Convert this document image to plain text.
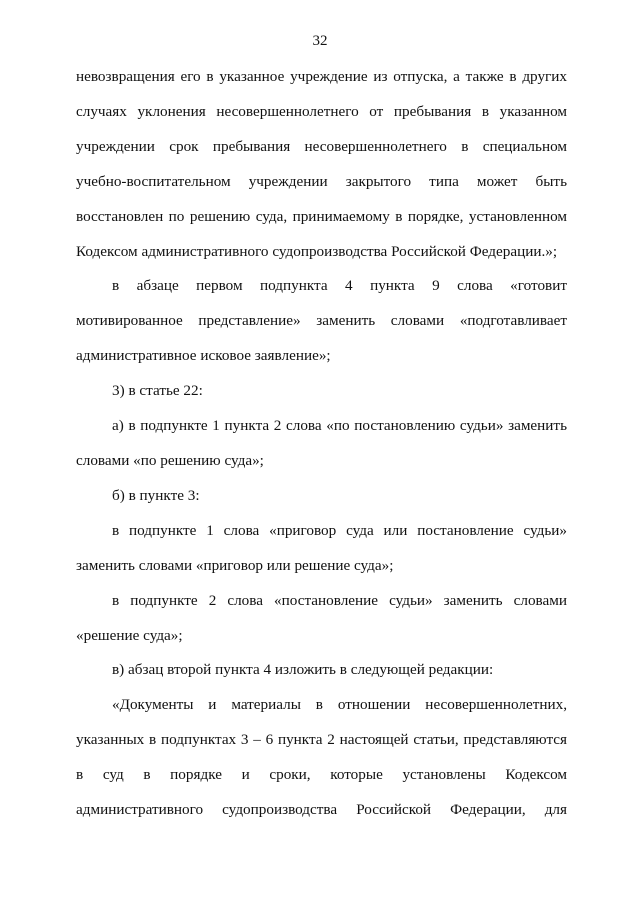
32

невозвращения его в указанное учреждение из отпуска, а также в других случаях уклонения несовершеннолетнего от пребывания в указанном учреждении срок пребывания несовершеннолетнего в специальном учебно-воспитательном учреждении закрытого типа может быть восстановлен по решению суда, принимаемому в порядке, установленном Кодексом административного судопроизводства Российской Федерации.»;

в абзаце первом подпункта 4 пункта 9 слова «готовит мотивированное представление» заменить словами «подготавливает административное исковое заявление»;

3) в статье 22:

а) в подпункте 1 пункта 2 слова «по постановлению судьи» заменить словами «по решению суда»;

б) в пункте 3:

в подпункте 1 слова «приговор суда или постановление судьи» заменить словами «приговор или решение суда»;

в подпункте 2 слова «постановление судьи» заменить словами «решение суда»;

в) абзац второй пункта 4 изложить в следующей редакции:

«Документы и материалы в отношении несовершеннолетних, указанных в подпунктах 3 – 6 пункта 2 настоящей статьи, представляются в суд в порядке и сроки, которые установлены Кодексом административного судопроизводства Российской Федерации, для
